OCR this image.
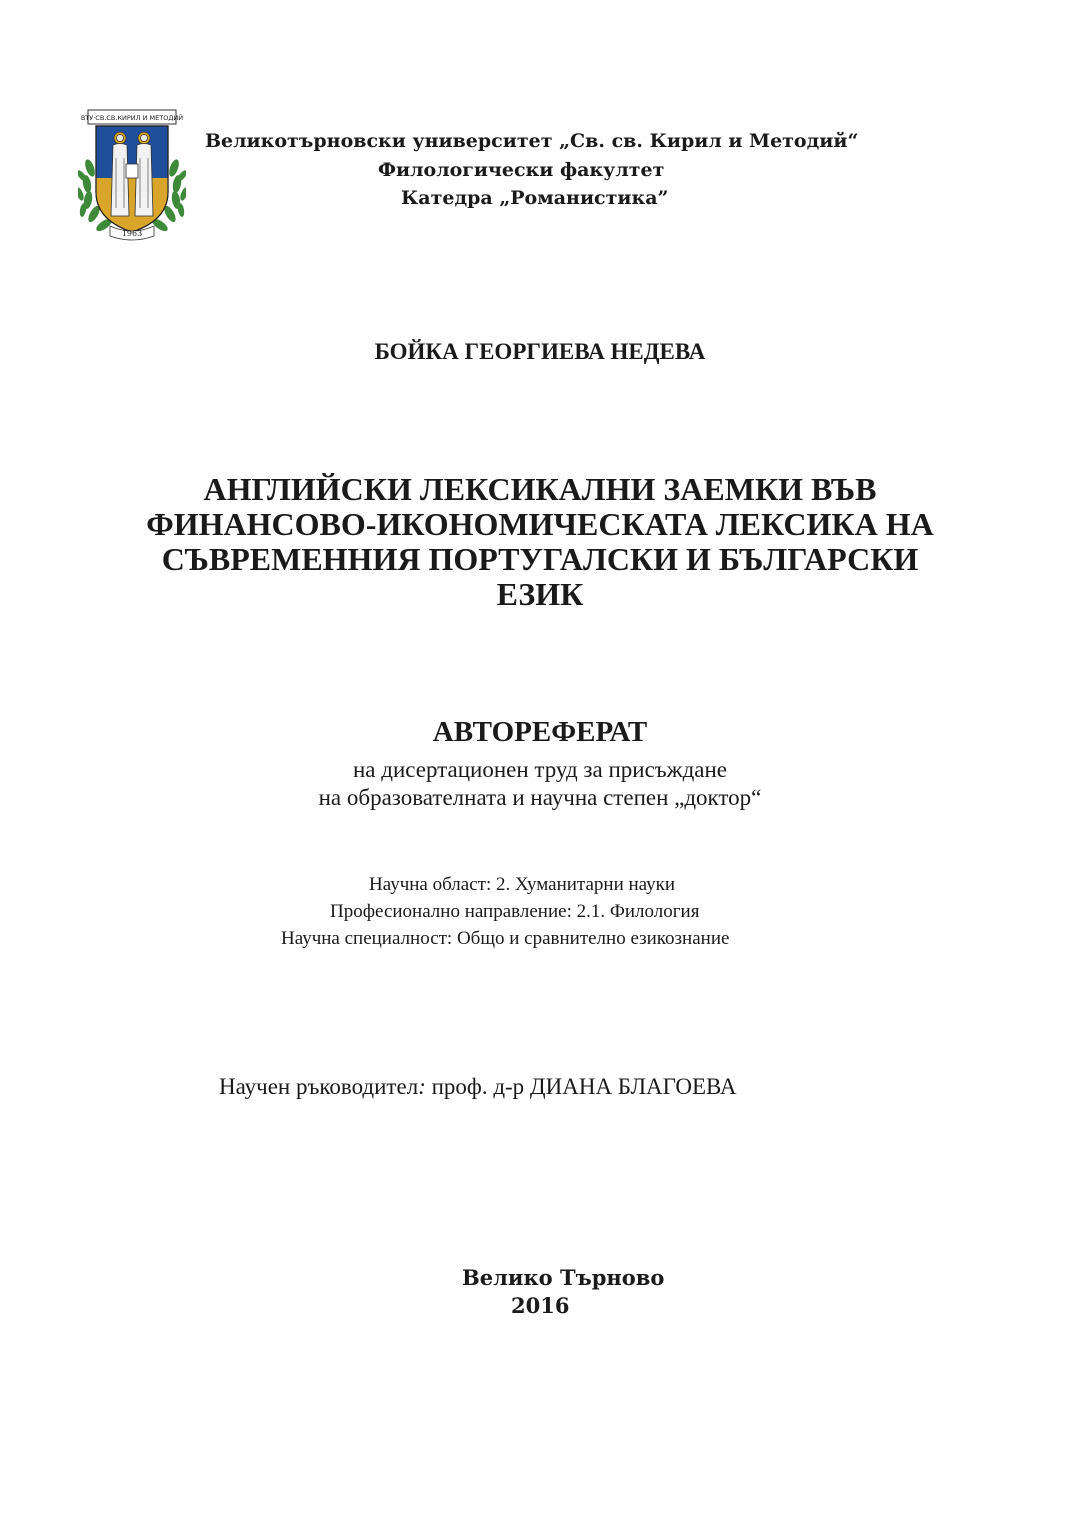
ВТУ·СВ.СВ.КИРИЛ И МЕТОДИЙ
1963

Великотърновски университет „Св. св. Кирил и Методий“

Филологически факултет

Катедра „Романистика”

БОЙКА ГЕОРГИЕВА НЕДЕВА

АНГЛИЙСКИ ЛЕКСИКАЛНИ ЗАЕМКИ ВЪВ
ФИНАНСОВО-ИКОНОМИЧЕСКАТА ЛЕКСИКА НА
СЪВРЕМЕННИЯ ПОРТУГАЛСКИ И БЪЛГАРСКИ
ЕЗИК
АВТОРЕФЕРАТ

на дисертационен труд за присъждане

на образователната и научна степен „доктор“

Научна област: 2. Хуманитарни науки

Професионално направление: 2.1. Филология

Научна специалност: Общо и сравнително езикознание

Научен ръководител: проф. д-р ДИАНА БЛАГОЕВА

Велико Търново

2016
